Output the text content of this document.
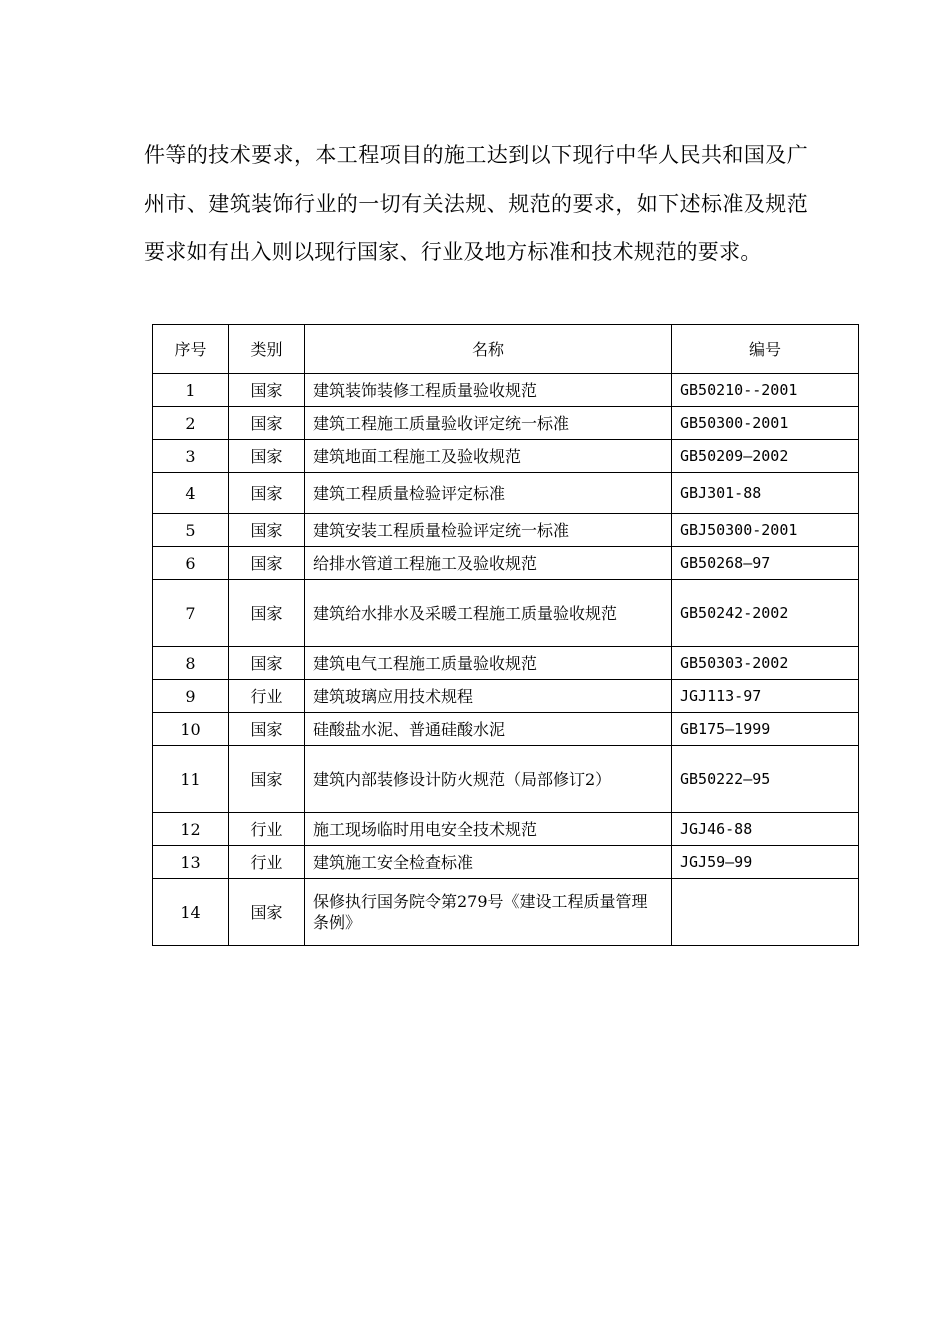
件等的技术要求，本工程项目的施工达到以下现行中华人民共和国及广州市、建筑装饰行业的一切有关法规、规范的要求，如下述标准及规范要求如有出入则以现行国家、行业及地方标准和技术规范的要求。

序号	类别	名称	编号
1	国家	建筑装饰装修工程质量验收规范	GB50210--2001
2	国家	建筑工程施工质量验收评定统一标准	GB50300-2001
3	国家	建筑地面工程施工及验收规范	GB50209—2002
4	国家	建筑工程质量检验评定标准	GBJ301-88
5	国家	建筑安装工程质量检验评定统一标准	GBJ50300-2001
6	国家	给排水管道工程施工及验收规范	GB50268—97
7	国家	建筑给水排水及采暖工程施工质量验收规范	GB50242-2002
8	国家	建筑电气工程施工质量验收规范	GB50303-2002
9	行业	建筑玻璃应用技术规程	JGJ113-97
10	国家	硅酸盐水泥、普通硅酸水泥	GB175—1999
11	国家	建筑内部装修设计防火规范（局部修订2）	GB50222—95
12	行业	施工现场临时用电安全技术规范	JGJ46-88
13	行业	建筑施工安全检查标准	JGJ59—99
14	国家	保修执行国务院令第279号《建设工程质量管理条例》	
